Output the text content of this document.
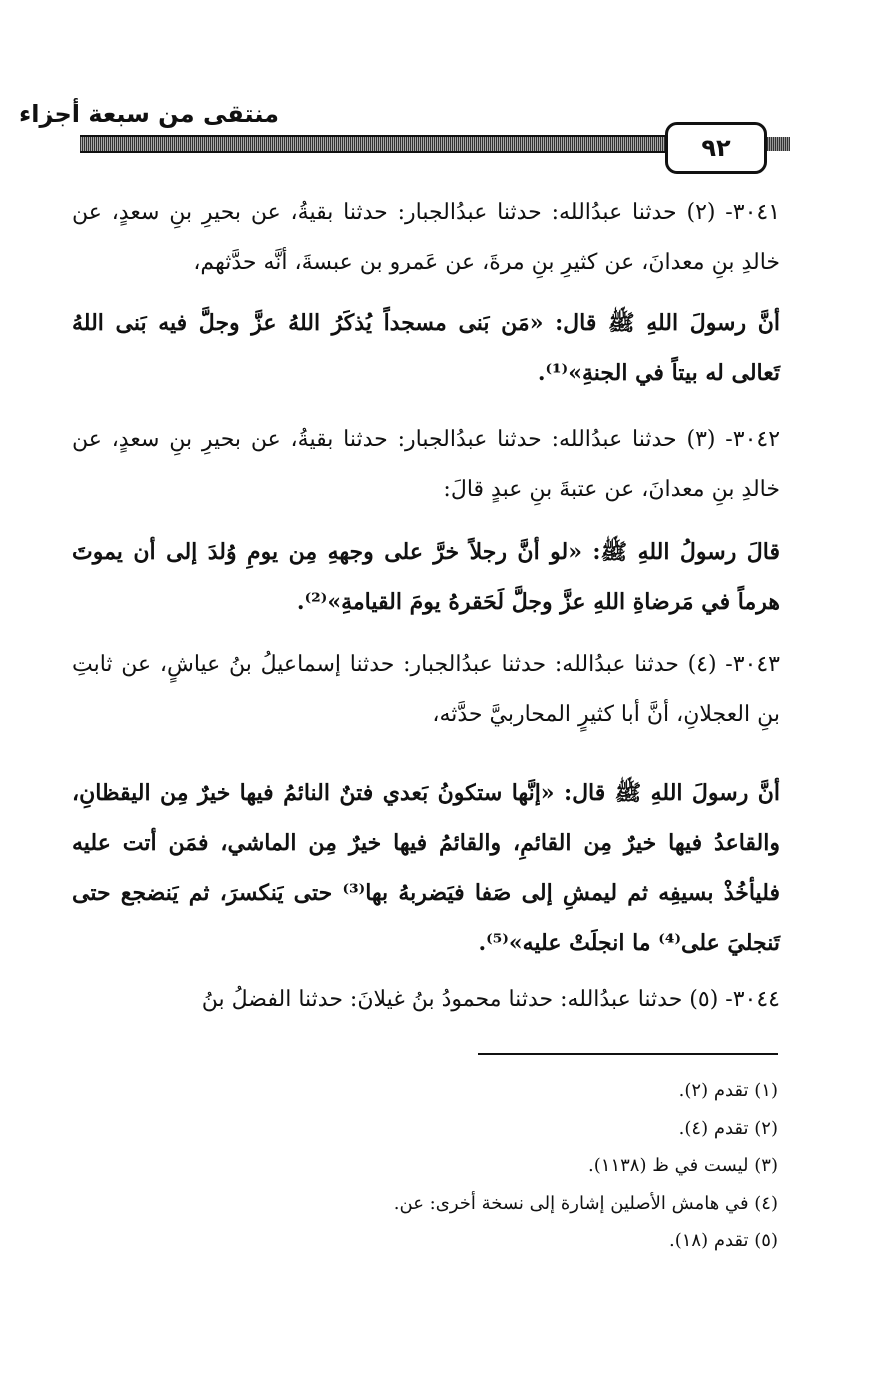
منتقى من سبعة أجزاء
٩٢

٣٠٤١- (٢) حدثنا عبدُالله: حدثنا عبدُالجبار: حدثنا بقيةُ، عن بحيرِ بنِ سعدٍ، عن خالدِ بنِ معدانَ، عن كثيرِ بنِ مرةَ، عن عَمرو بن عبسةَ، أنَّه حدَّثهم،

أنَّ رسولَ اللهِ ﷺ قال: «مَن بَنى مسجداً يُذكَرُ اللهُ عزَّ وجلَّ فيه بَنى اللهُ تَعالى له بيتاً في الجنةِ»⁽¹⁾.

٣٠٤٢- (٣) حدثنا عبدُالله: حدثنا عبدُالجبار: حدثنا بقيةُ، عن بحيرِ بنِ سعدٍ، عن خالدِ بنِ معدانَ، عن عتبةَ بنِ عبدٍ قالَ:

قالَ رسولُ اللهِ ﷺ: «لو أنَّ رجلاً خرَّ على وجههِ مِن يومِ وُلدَ إلى أن يموتَ هرماً في مَرضاةِ اللهِ عزَّ وجلَّ لَحَقرهُ يومَ القيامةِ»⁽²⁾.

٣٠٤٣- (٤) حدثنا عبدُالله: حدثنا عبدُالجبار: حدثنا إسماعيلُ بنُ عياشٍ، عن ثابتِ بنِ العجلانِ، أنَّ أبا كثيرٍ المحاربيَّ حدَّثه،

أنَّ رسولَ اللهِ ﷺ قال: «إنَّها ستكونُ بَعدي فتنٌ النائمُ فيها خيرٌ مِن اليقظانِ، والقاعدُ فيها خيرٌ مِن القائمِ، والقائمُ فيها خيرٌ مِن الماشي، فمَن أتت عليه فليأخُذْ بسيفِه ثم ليمشِ إلى صَفا فيَضربهُ بها⁽³⁾ حتى يَنكسرَ، ثم يَنضجع حتى تَنجليَ على⁽⁴⁾ ما انجلَتْ عليه»⁽⁵⁾.

٣٠٤٤- (٥) حدثنا عبدُالله: حدثنا محمودُ بنُ غيلانَ: حدثنا الفضلُ بنُ

(١) تقدم (٢).
(٢) تقدم (٤).
(٣) ليست في ظ (١١٣٨).
(٤) في هامش الأصلين إشارة إلى نسخة أخرى: عن.
(٥) تقدم (١٨).
